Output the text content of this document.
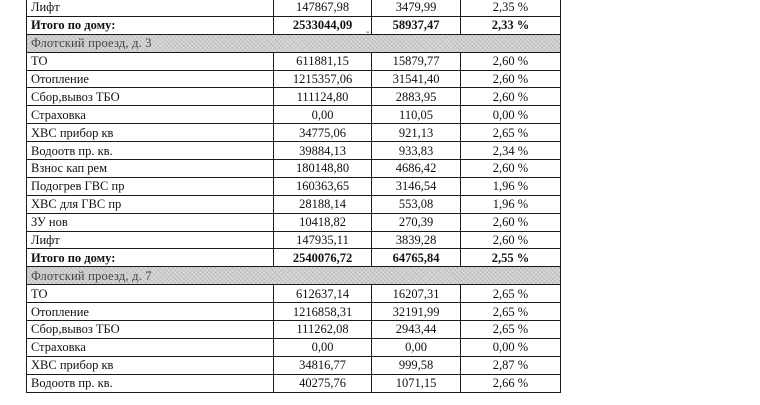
Лифт	147867,98	3479,99	2,35 %
Итого по дому:	2533044,09	58937,47	2,33 %
Флотский проезд, д. 3			
ТО	611881,15	15879,77	2,60 %
Отопление	1215357,06	31541,40	2,60 %
Сбор,вывоз ТБО	111124,80	2883,95	2,60 %
Страховка	0,00	110,05	0,00 %
ХВС прибор кв	34775,06	921,13	2,65 %
Водоотв пр. кв.	39884,13	933,83	2,34 %
Взнос кап рем	180148,80	4686,42	2,60 %
Подогрев ГВС пр	160363,65	3146,54	1,96 %
ХВС для ГВС пр	28188,14	553,08	1,96 %
ЗУ нов	10418,82	270,39	2,60 %
Лифт	147935,11	3839,28	2,60 %
Итого по дому:	2540076,72	64765,84	2,55 %
Флотский проезд, д. 7			
ТО	612637,14	16207,31	2,65 %
Отопление	1216858,31	32191,99	2,65 %
Сбор,вывоз ТБО	111262,08	2943,44	2,65 %
Страховка	0,00	0,00	0,00 %
ХВС прибор кв	34816,77	999,58	2,87 %
Водоотв пр. кв.	40275,76	1071,15	2,66 %
-
